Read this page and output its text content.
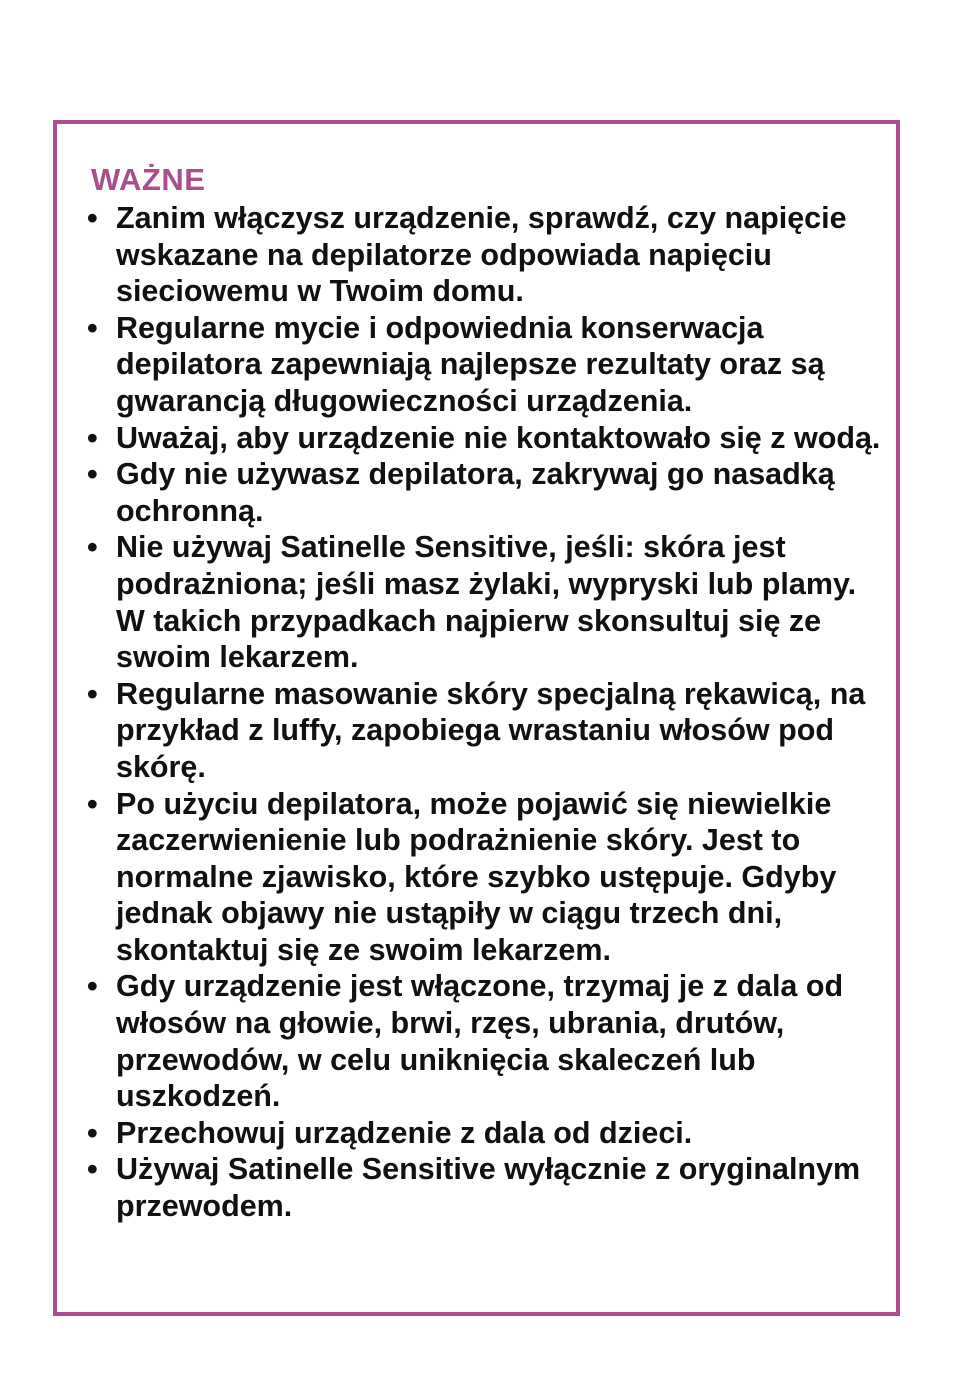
WAŻNE
• Zanim włączysz urządzenie, sprawdź, czy napięcie wskazane na depilatorze odpowiada napięciu sieciowemu w Twoim domu.
• Regularne mycie i odpowiednia konserwacja depilatora zapewniają najlepsze rezultaty oraz są gwarancją długowieczności urządzenia.
• Uważaj, aby urządzenie nie kontaktowało się z wodą.
• Gdy nie używasz depilatora, zakrywaj go nasadką ochronną.
• Nie używaj Satinelle Sensitive, jeśli: skóra jest podrażniona; jeśli masz żylaki, wypryski lub plamy. W takich przypadkach najpierw skonsultuj się ze swoim lekarzem.
• Regularne masowanie skóry specjalną rękawicą, na przykład z luffy, zapobiega wrastaniu włosów pod skórę.
• Po użyciu depilatora, może pojawić się niewielkie zaczerwienienie lub podrażnienie skóry. Jest to normalne zjawisko, które szybko ustępuje. Gdyby jednak objawy nie ustąpiły w ciągu trzech dni, skontaktuj się ze swoim lekarzem.
• Gdy urządzenie jest włączone, trzymaj je z dala od włosów na głowie, brwi, rzęs, ubrania, drutów, przewodów, w celu uniknięcia skaleczeń lub uszkodzeń.
• Przechowuj urządzenie z dala od dzieci.
• Używaj Satinelle Sensitive wyłącznie z oryginalnym przewodem.
